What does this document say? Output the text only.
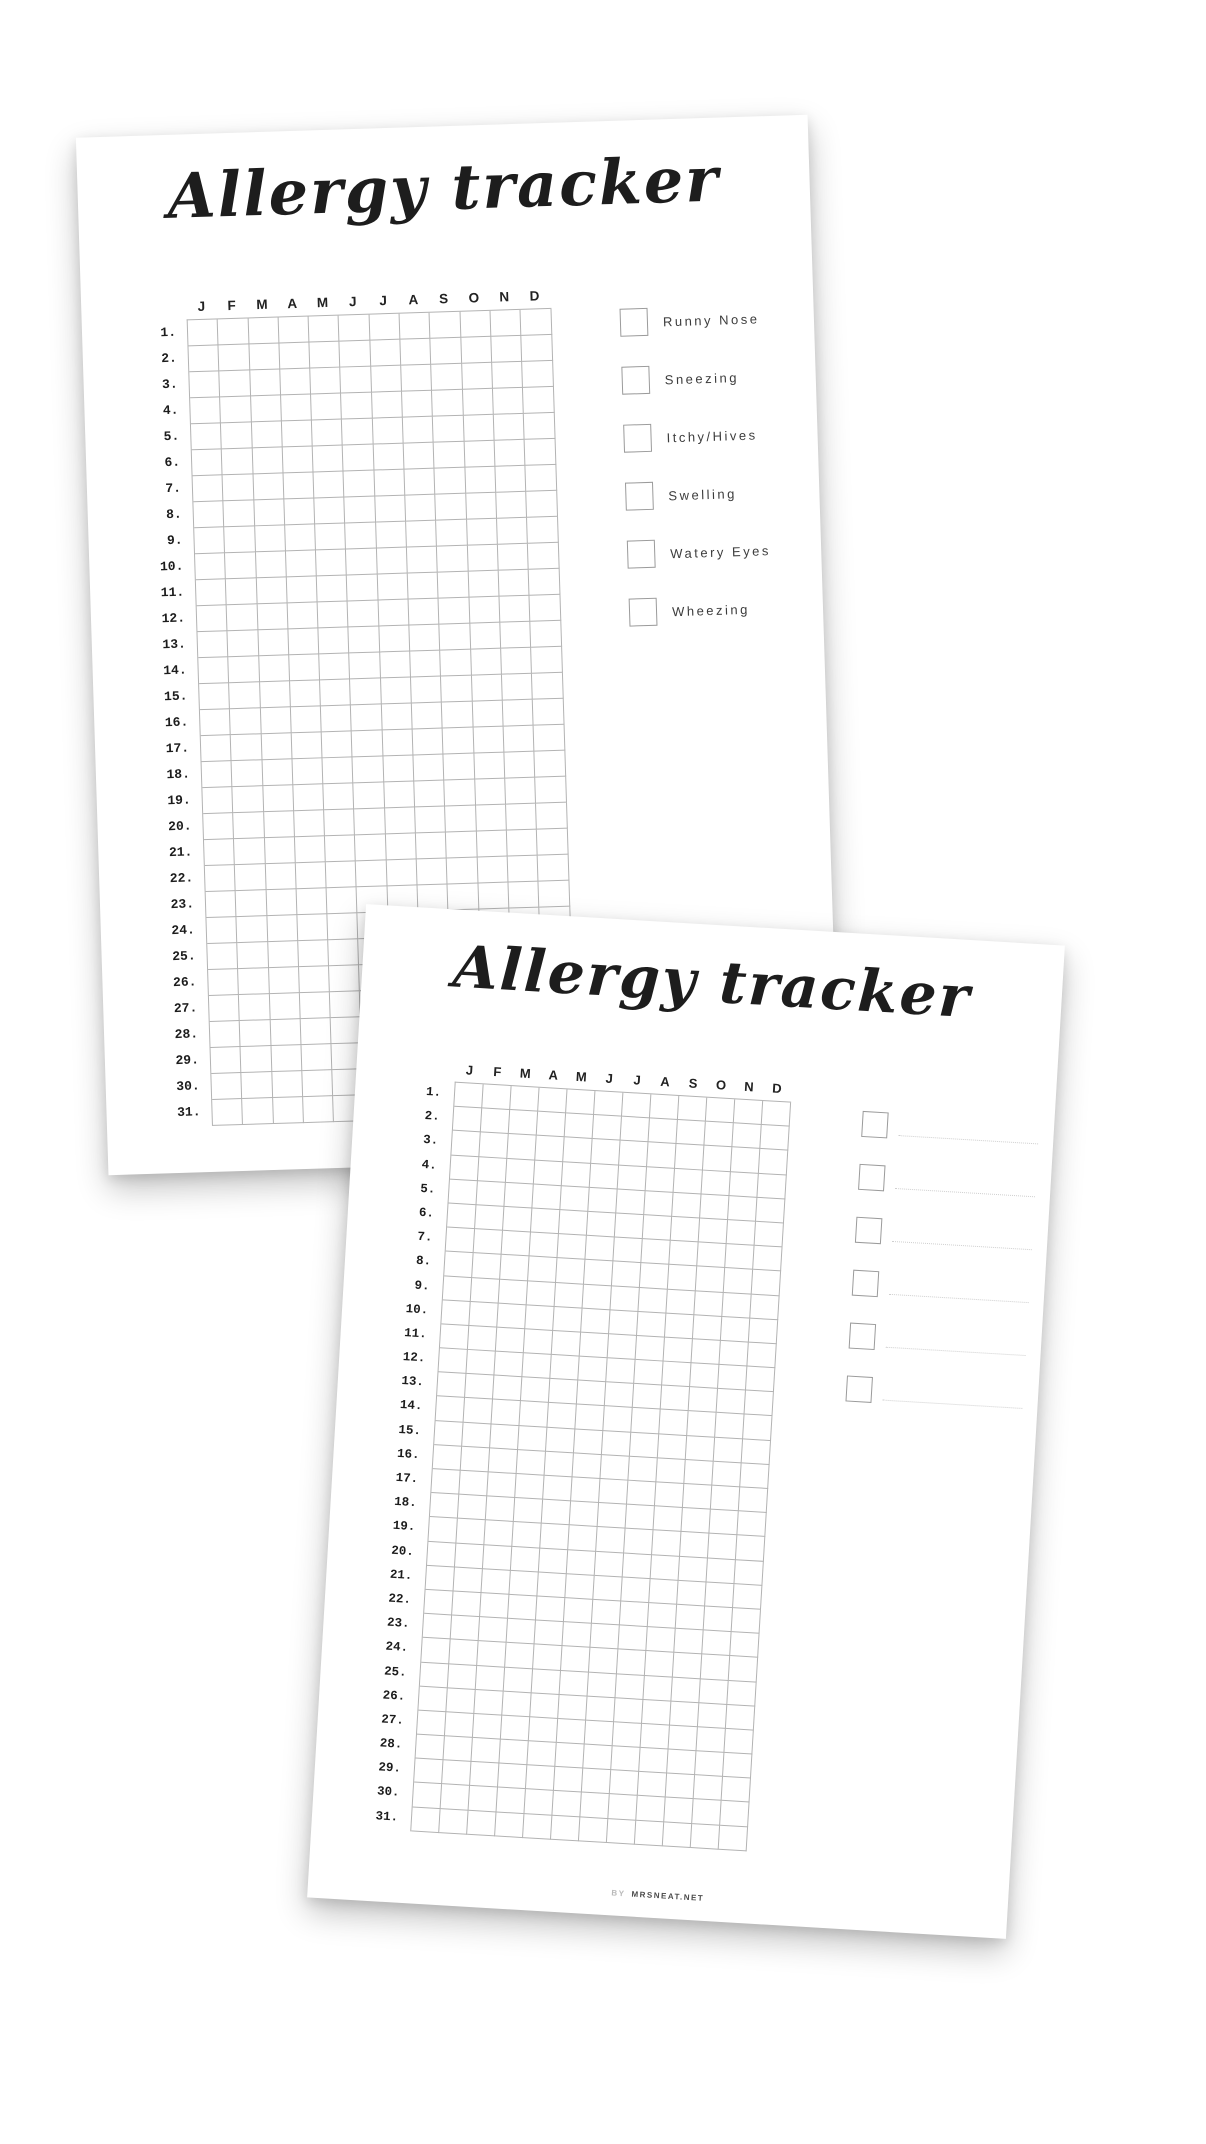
Allergy tracker
J F M A M J J A S O N D
1.
2.
3.
4.
5.
6.
7.
8.
9.
10.
11.
12.
13.
14.
15.
16.
17.
18.
19.
20.
21.
22.
23.
24.
25.
26.
27.
28.
29.
30.
31.
Runny Nose
Sneezing
Itchy/Hives
Swelling
Watery Eyes
Wheezing
Allergy tracker
J F M A M J J A S O N D
1.
2.
3.
4.
5.
6.
7.
8.
9.
10.
11.
12.
13.
14.
15.
16.
17.
18.
19.
20.
21.
22.
23.
24.
25.
26.
27.
28.
29.
30.
31.
BY MRSNEAT.NET
